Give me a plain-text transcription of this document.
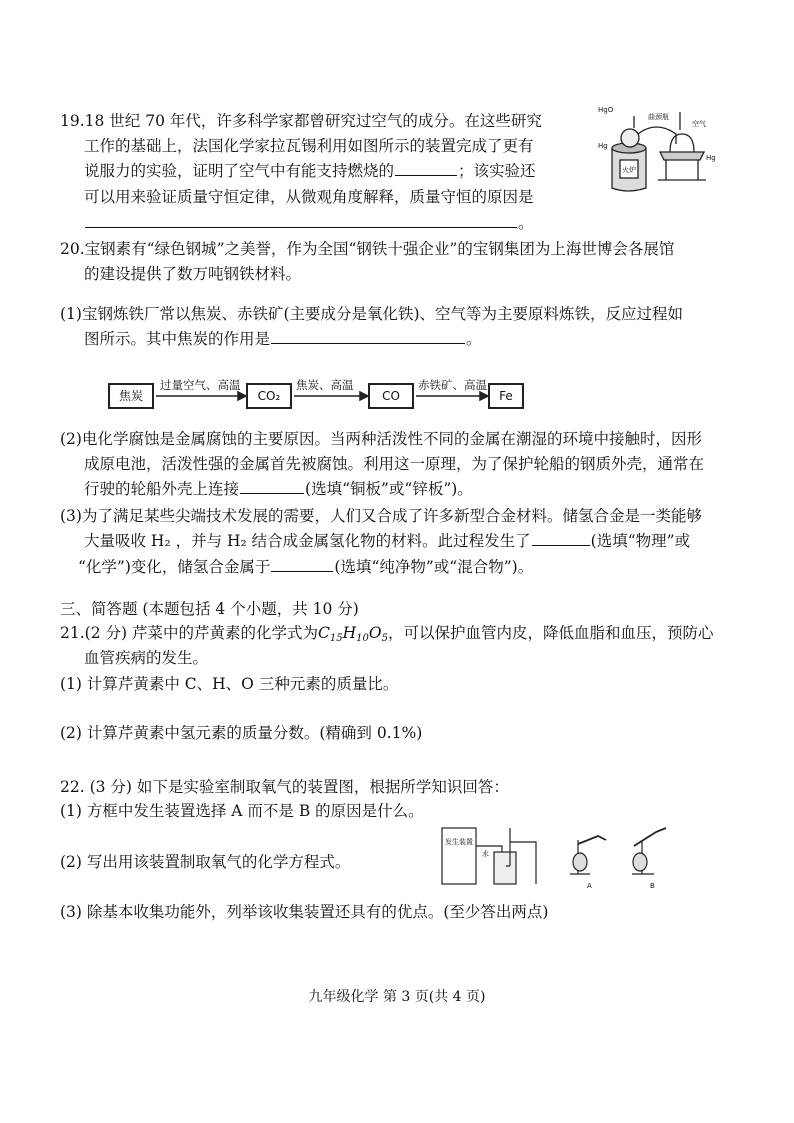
19.18 世纪 70 年代，许多科学家都曾研究过空气的成分。在这些研究
工作的基础上，法国化学家拉瓦锡利用如图所示的装置完成了更有
说服力的实验，证明了空气中有能支持燃烧的	；该实验还
可以用来验证质量守恒定律，从微观角度解释，质量守恒的原因是
。
HgO
曲颈瓶
空气
Hg
Hg
火炉
20.宝钢素有“绿色钢城”之美誉，作为全国“钢铁十强企业”的宝钢集团为上海世博会各展馆
的建设提供了数万吨钢铁材料。
(1)宝钢炼铁厂常以焦炭、赤铁矿(主要成分是氧化铁)、空气等为主要原料炼铁，反应过程如
图所示。其中焦炭的作用是	。
焦炭	CO₂	CO	Fe
过量空气、高温	焦炭、高温	赤铁矿、高温
(2)电化学腐蚀是金属腐蚀的主要原因。当两种活泼性不同的金属在潮湿的环境中接触时，因形
成原电池，活泼性强的金属首先被腐蚀。利用这一原理，为了保护轮船的钢质外壳，通常在
行驶的轮船外壳上连接	(选填“铜板”或“锌板”)。
(3)为了满足某些尖端技术发展的需要，人们又合成了许多新型合金材料。储氢合金是一类能够
大量吸收 H₂ ，并与 H₂ 结合成金属氢化物的材料。此过程发生了	(选填“物理”或
“化学”)变化，储氢合金属于	(选填“纯净物”或“混合物”)。
三、简答题 (本题包括 4 个小题，共 10 分)
21.(2 分) 芹菜中的芹黄素的化学式为$C_{15}H_{10}O_5$，可以保护血管内皮，降低血脂和血压，预防心
血管疾病的发生。
(1) 计算芹黄素中 C、H、O 三种元素的质量比。
(2) 计算芹黄素中氢元素的质量分数。(精确到 0.1%)
22. (3 分) 如下是实验室制取氧气的装置图，根据所学知识回答：
(1) 方框中发生装置选择 A 而不是 B 的原因是什么。
(2) 写出用该装置制取氧气的化学方程式。
(3) 除基本收集功能外，列举该收集装置还具有的优点。(至少答出两点)
发生装置
水
A	B
九年级化学 第 3 页(共 4 页)
